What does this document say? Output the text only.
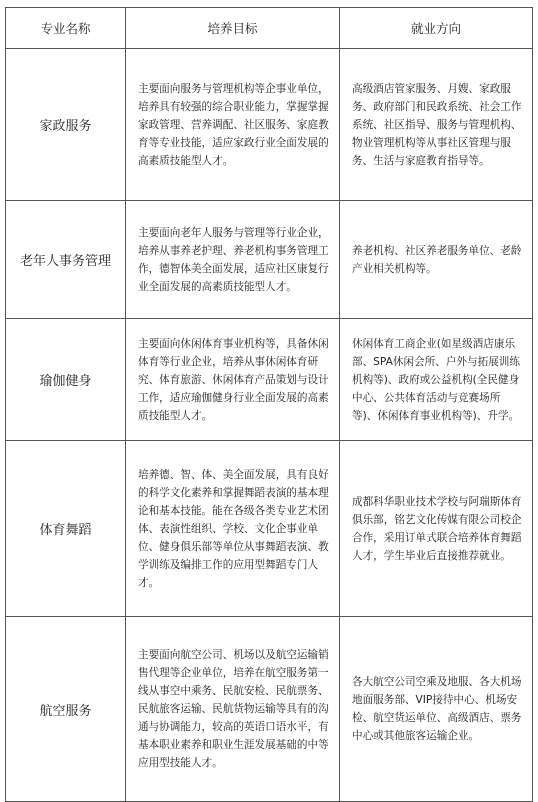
专业名称	培养目标	就业方向
家政服务	主要面向服务与管理机构等企事业单位，培养具有较强的综合职业能力，掌握掌握家政管理、营养调配、社区服务、家庭教育等专业技能，适应家政行业全面发展的高素质技能型人才。	高级酒店管家服务、月嫂、家政服务、政府部门和民政系统、社会工作系统、社区指导、服务与管理机构、物业管理机构等从事社区管理与服务、生活与家庭教育指导等。
老年人事务管理	主要面向老年人服务与管理等行业企业，培养从事养老护理、养老机构事务管理工作，德智体美全面发展，适应社区康复行业全面发展的高素质技能型人才。	养老机构、社区养老服务单位、老龄产业相关机构等。
瑜伽健身	主要面向休闲体育事业机构等，具备休闲体育等行业企业，培养从事休闲体育研究、体育旅游、休闲体育产品策划与设计工作，适应瑜伽健身行业全面发展的高素质技能型人才。	休闲体育工商企业(如星级酒店康乐部、SPA休闲会所、户外与拓展训练机构等)、政府或公益机构(全民健身中心、公共体育活动与竞赛场所等)、休闲体育事业机构等)、升学。
体育舞蹈	培养德、智、体、美全面发展，具有良好的科学文化素养和掌握舞蹈表演的基本理论和基本技能。能在各级各类专业艺术团体、表演性组织、学校、文化企事业单位、健身俱乐部等单位从事舞蹈表演、教学训练及编排工作的应用型舞蹈专门人才。	成都科华职业技术学校与阿瑞斯体育俱乐部，铭艺文化传媒有限公司校企合作，采用订单式联合培养体育舞蹈人才，学生毕业后直接推荐就业。
航空服务	主要面向航空公司、机场以及航空运输销售代理等企业单位，培养在航空服务第一线从事空中乘务、民航安检、民航票务、民航旅客运输、民航货物运输等具有的沟通与协调能力，较高的英语口语水平，有基本职业素养和职业生涯发展基础的中等应用型技能人才。	各大航空公司空乘及地服、各大机场地面服务部、VIP接待中心、机场安检、航空货运单位、高级酒店、票务中心或其他旅客运输企业。
